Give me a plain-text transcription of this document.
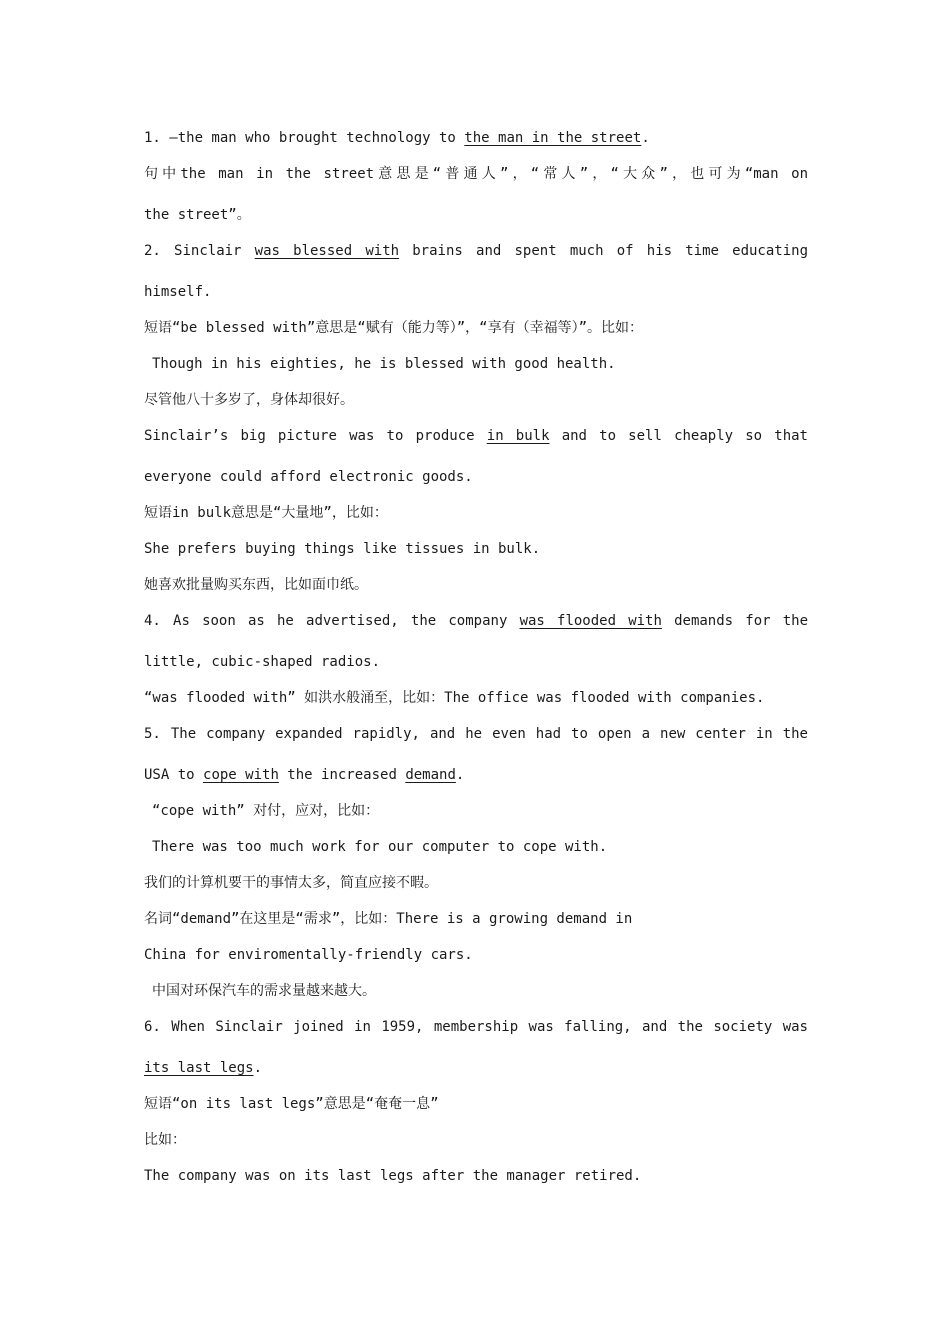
1. —the man who brought technology to the man in the street.
句中the man in the street意思是“普通人”，“常人”，“大众”，也可为“man on
the street”。
2. Sinclair was blessed with brains and spent much of his time educating
himself.
短语“be blessed with”意思是“赋有（能力等）”，“享有（幸福等）”。比如：
Though in his eighties, he is blessed with good health.
尽管他八十多岁了，身体却很好。
Sinclair’s big picture was to produce in bulk and to sell cheaply so that
everyone could afford electronic goods.
短语in bulk意思是“大量地”，比如：
She prefers buying things like tissues in bulk.
她喜欢批量购买东西，比如面巾纸。
4. As soon as he advertised, the company was flooded with demands for the
little, cubic-shaped radios.
“was flooded with” 如洪水般涌至，比如：The office was flooded with companies.
5. The company expanded rapidly, and he even had to open a new center in the
USA to cope with the increased demand.
“cope with” 对付，应对，比如：
There was too much work for our computer to cope with.
我们的计算机要干的事情太多，简直应接不暇。
名词“demand”在这里是“需求”，比如：There is a growing demand in
China for enviromentally-friendly cars.
中国对环保汽车的需求量越来越大。
6. When Sinclair joined in 1959, membership was falling, and the society was
its last legs.
短语“on its last legs”意思是“奄奄一息”
比如：
The company was on its last legs after the manager retired.
